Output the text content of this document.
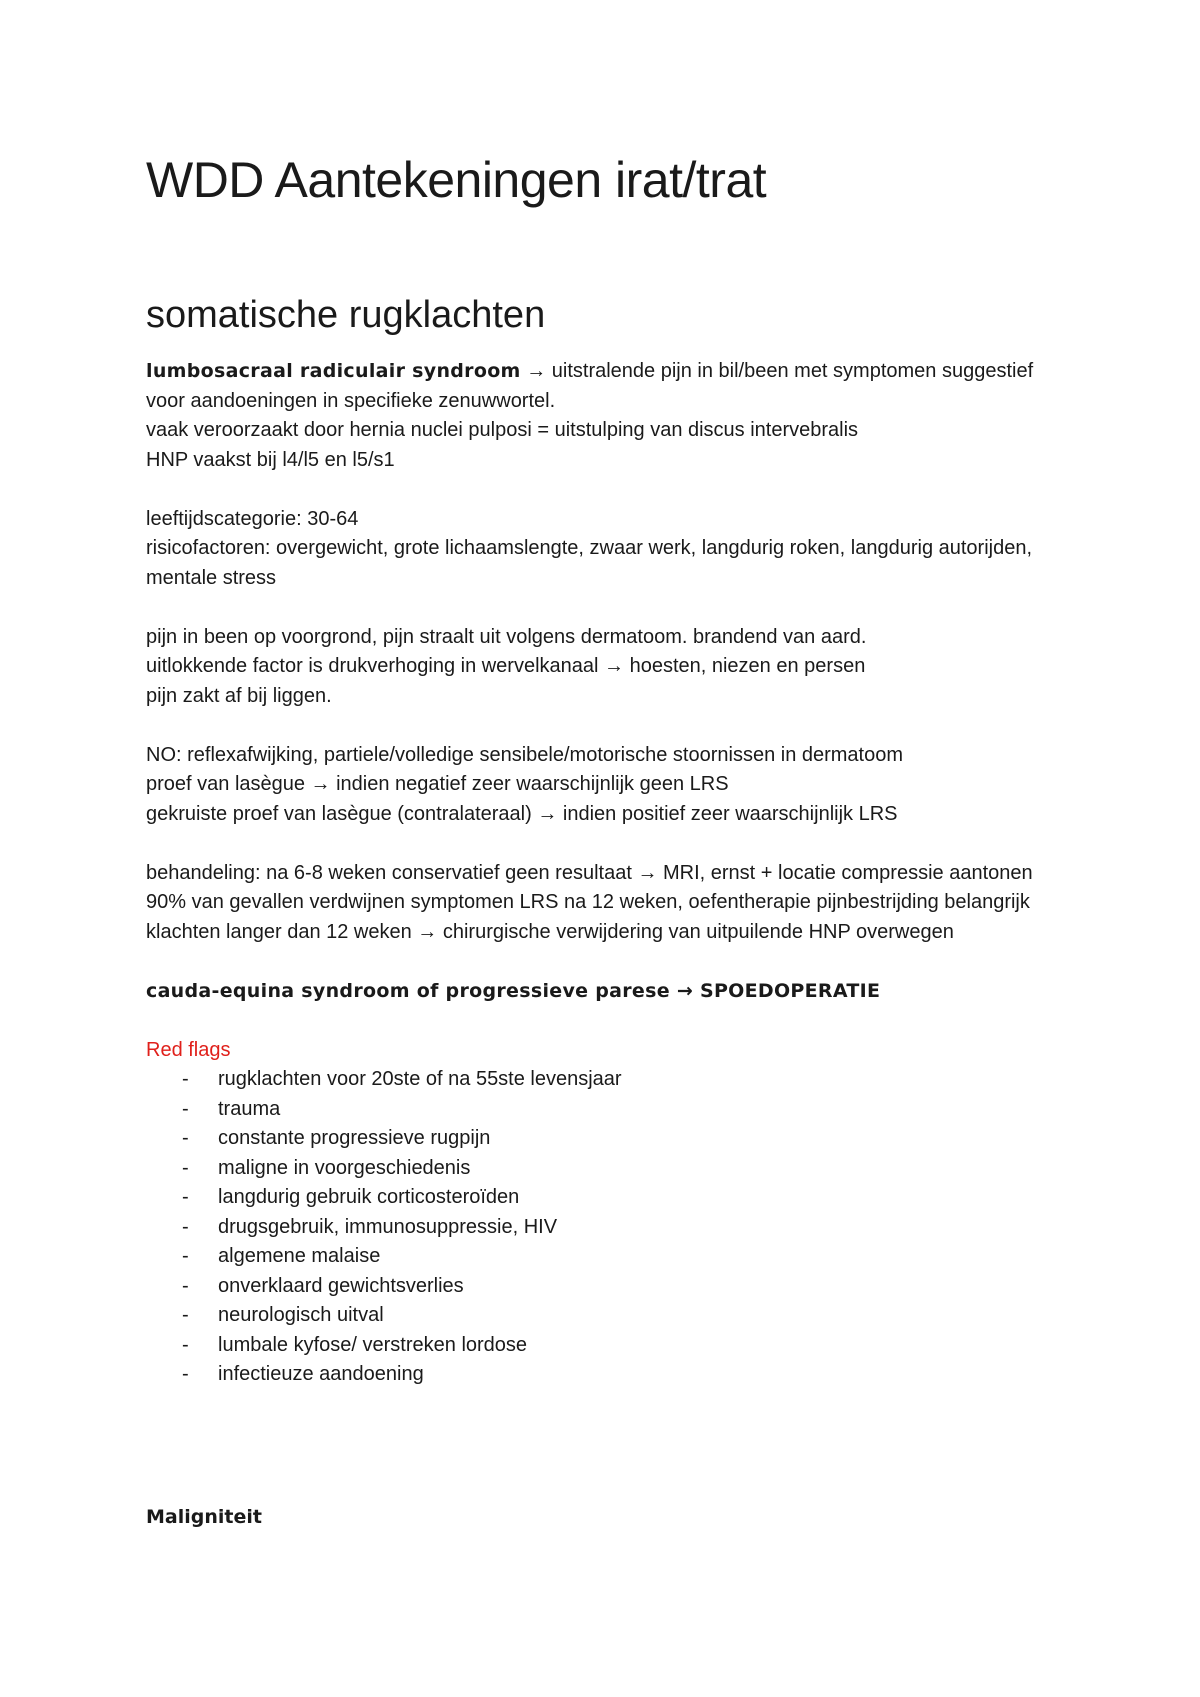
WDD Aantekeningen irat/trat
somatische rugklachten

lumbosacraal radiculair syndroom → uitstralende pijn in bil/been met symptomen suggestief voor aandoeningen in specifieke zenuwwortel.

vaak veroorzaakt door hernia nuclei pulposi = uitstulping van discus intervebralis

HNP vaakst bij l4/l5 en l5/s1

leeftijdscategorie: 30-64

risicofactoren: overgewicht, grote lichaamslengte, zwaar werk, langdurig roken, langdurig autorijden, mentale stress

pijn in been op voorgrond, pijn straalt uit volgens dermatoom. brandend van aard.

uitlokkende factor is drukverhoging in wervelkanaal → hoesten, niezen en persen

pijn zakt af bij liggen.

NO: reflexafwijking, partiele/volledige sensibele/motorische stoornissen in dermatoom

proef van lasègue → indien negatief zeer waarschijnlijk geen LRS

gekruiste proef van lasègue (contralateraal) → indien positief zeer waarschijnlijk LRS

behandeling: na 6-8 weken conservatief geen resultaat → MRI, ernst + locatie compressie aantonen

90% van gevallen verdwijnen symptomen LRS na 12 weken, oefentherapie pijnbestrijding belangrijk

klachten langer dan 12 weken → chirurgische verwijdering van uitpuilende HNP overwegen

cauda-equina syndroom of progressieve parese → SPOEDOPERATIE

Red flags

- rugklachten voor 20ste of na 55ste levensjaar
- trauma
- constante progressieve rugpijn
- maligne in voorgeschiedenis
- langdurig gebruik corticosteroïden
- drugsgebruik, immunosuppressie, HIV
- algemene malaise
- onverklaard gewichtsverlies
- neurologisch uitval
- lumbale kyfose/ verstreken lordose
- infectieuze aandoening

Maligniteit
